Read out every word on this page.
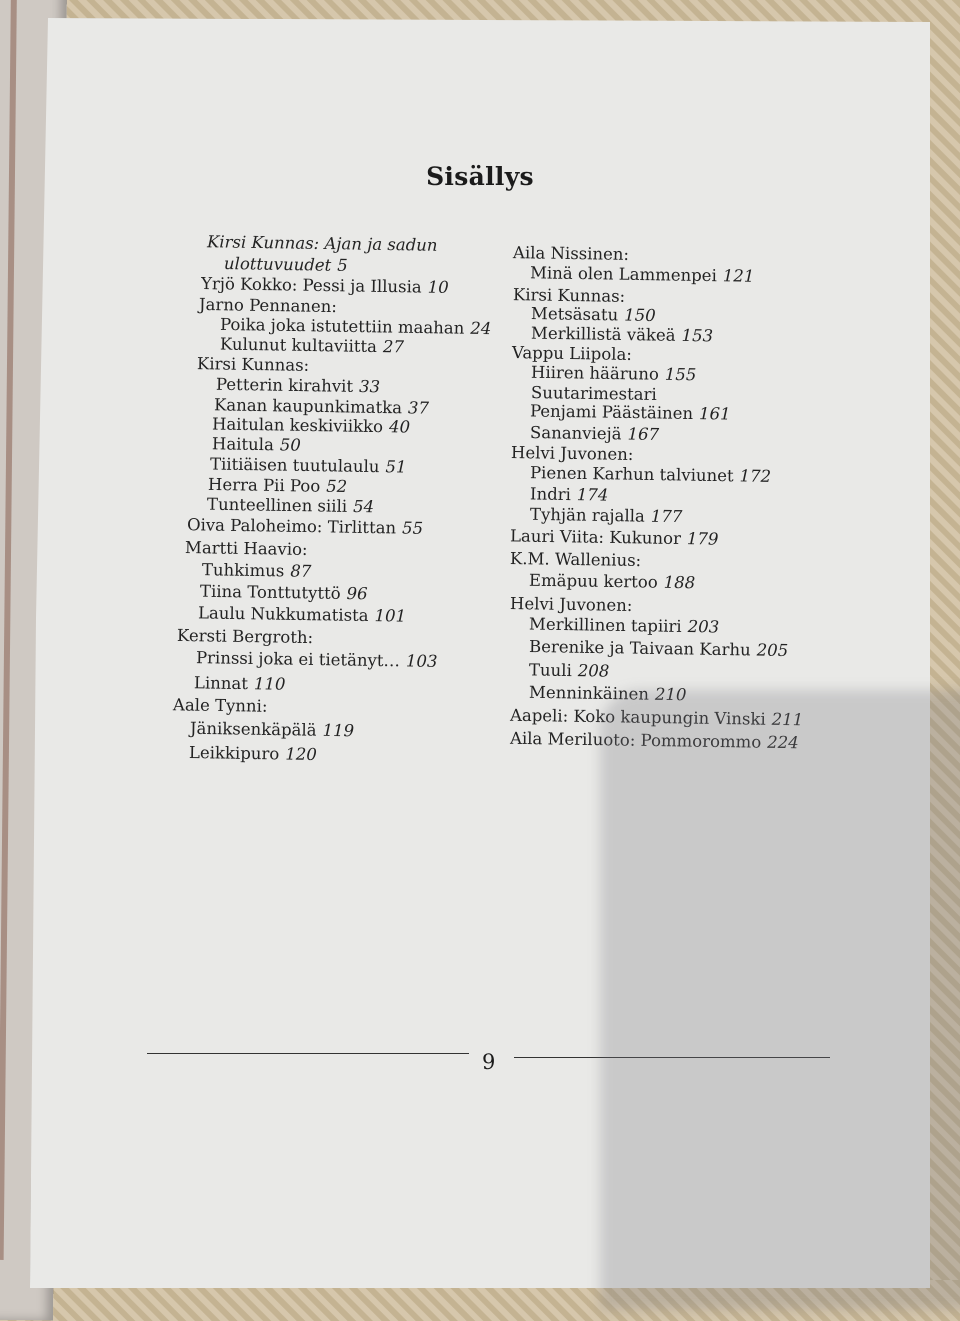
Sisällys
Kirsi Kunnas: Ajan ja sadun
ulottuvuudet 5
Yrjö Kokko: Pessi ja Illusia 10
Jarno Pennanen:
Poika joka istutettiin maahan 24
Kulunut kultaviitta 27
Kirsi Kunnas:
Petterin kirahvit 33
Kanan kaupunkimatka 37
Haitulan keskiviikko 40
Haitula 50
Tiitiäisen tuutulaulu 51
Herra Pii Poo 52
Tunteellinen siili 54
Oiva Paloheimo: Tirlittan 55
Martti Haavio:
Tuhkimus 87
Tiina Tonttutyttö 96
Laulu Nukkumatista 101
Kersti Bergroth:
Prinssi joka ei tietänyt… 103
Linnat 110
Aale Tynni:
Jäniksenkäpälä 119
Leikkipuro 120
Aila Nissinen:
Minä olen Lammenpei 121
Kirsi Kunnas:
Metsäsatu 150
Merkillistä väkeä 153
Vappu Liipola:
Hiiren hääruno 155
Suutarimestari
Penjami Päästäinen 161
Sananviejä 167
Helvi Juvonen:
Pienen Karhun talviunet 172
Indri 174
Tyhjän rajalla 177
Lauri Viita: Kukunor 179
K.M. Wallenius:
Emäpuu kertoo 188
Helvi Juvonen:
Merkillinen tapiiri 203
Berenike ja Taivaan Karhu 205
Tuuli 208
Menninkäinen 210
Aapeli: Koko kaupungin Vinski 211
Aila Meriluoto: Pommorommo 224
9
